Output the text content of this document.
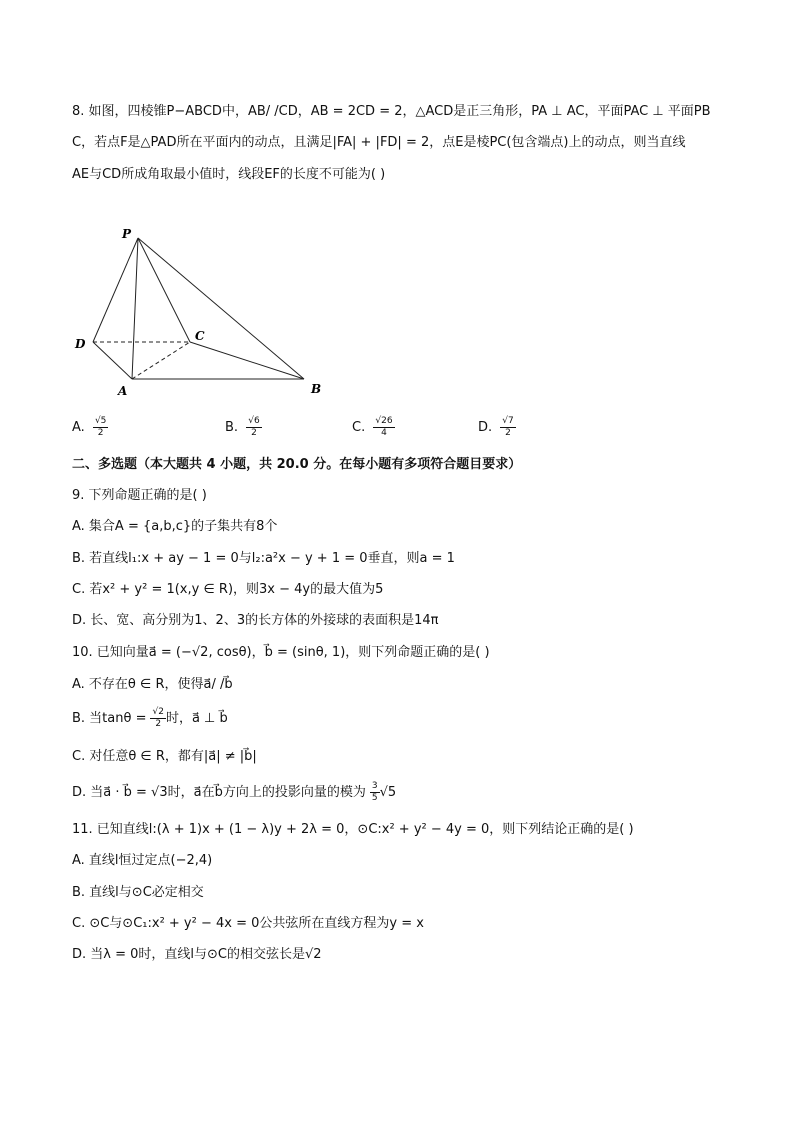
8. 如图，四棱锥P−ABCD中，AB/ /CD，AB = 2CD = 2，△ACD是正三角形，PA ⊥ AC，平面PAC ⊥ 平面PB
C，若点F是△PAD所在平面内的动点，且满足|FA| + |FD| = 2，点E是棱PC(包含端点)上的动点，则当直线
AE与CD所成角取最小值时，线段EF的长度不可能为( )
P
D
C
A	B
A. $\frac{√5}{2}$	B. $\frac{√6}{2}$	C. $\frac{√26}{4}$	D. $\frac{√7}{2}$
二、多选题（本大题共 4 小题，共 20.0 分。在每小题有多项符合题目要求）
9. 下列命题正确的是( )
A. 集合A = {a,b,c}的子集共有8个
B. 若直线l₁:x + ay − 1 = 0与l₂:a²x − y + 1 = 0垂直，则a = 1
C. 若x² + y² = 1(x,y ∈ R)，则3x − 4y的最大值为5
D. 长、宽、高分别为1、2、3的长方体的外接球的表面积是14π
10. 已知向量a⃗ = (−√2, cosθ)，b⃗ = (sinθ, 1)，则下列命题正确的是( )
A. 不存在θ ∈ R，使得a⃗/ /b⃗
B. 当$\tan\theta = \frac{√2}{2}$ 时，a⃗ ⊥ b⃗
C. 对任意θ ∈ R，都有|a⃗| ≠ |b⃗|
D. 当a⃗ · b⃗ = √3时，a⃗在b⃗方向上的投影向量的模为 $\frac{3}{5} √5$
11. 已知直线l:(λ + 1)x + (1 − λ)y + 2λ = 0，⊙C:x² + y² − 4y = 0，则下列结论正确的是( )
A. 直线l恒过定点(−2,4)
B. 直线l与⊙C必定相交
C. ⊙C与⊙C₁:x² + y² − 4x = 0公共弦所在直线方程为y = x
D. 当λ = 0时，直线l与⊙C的相交弦长是√2
